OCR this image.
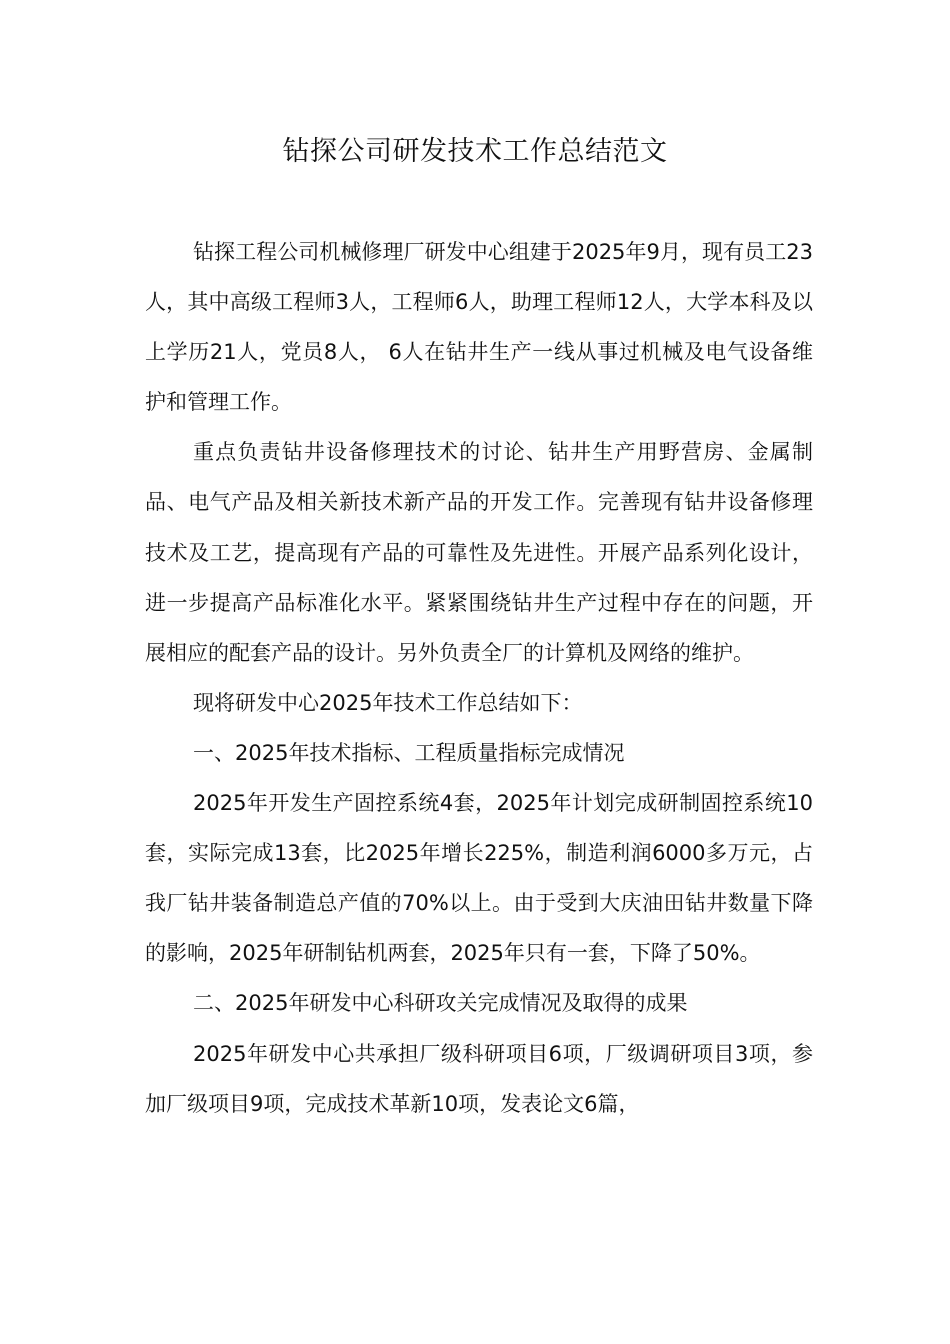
钻探公司研发技术工作总结范文

钻探工程公司机械修理厂研发中心组建于2025年9月，现有员工23人，其中高级工程师3人，工程师6人，助理工程师12人，大学本科及以上学历21人，党员8人， 6人在钻井生产一线从事过机械及电气设备维护和管理工作。

重点负责钻井设备修理技术的讨论、钻井生产用野营房、金属制品、电气产品及相关新技术新产品的开发工作。完善现有钻井设备修理技术及工艺，提高现有产品的可靠性及先进性。开展产品系列化设计，进一步提高产品标准化水平。紧紧围绕钻井生产过程中存在的问题，开展相应的配套产品的设计。另外负责全厂的计算机及网络的维护。

现将研发中心2025年技术工作总结如下：

一、2025年技术指标、工程质量指标完成情况

2025年开发生产固控系统4套，2025年计划完成研制固控系统10套，实际完成13套，比2025年增长225%，制造利润6000多万元，占我厂钻井装备制造总产值的70%以上。由于受到大庆油田钻井数量下降的影响，2025年研制钻机两套，2025年只有一套，下降了50%。

二、2025年研发中心科研攻关完成情况及取得的成果

2025年研发中心共承担厂级科研项目6项，厂级调研项目3项，参加厂级项目9项，完成技术革新10项，发表论文6篇，
